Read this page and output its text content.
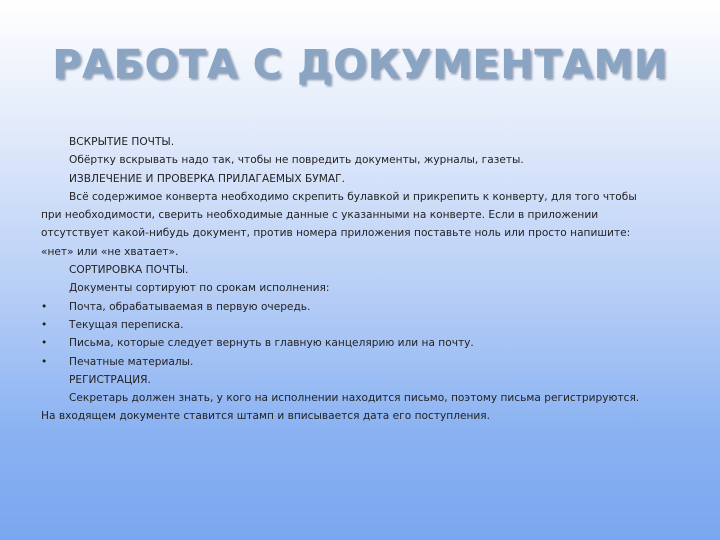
РАБОТА С ДОКУМЕНТАМИ
ВСКРЫТИЕ ПОЧТЫ.
Обёртку вскрывать надо так, чтобы не повредить документы, журналы, газеты.
ИЗВЛЕЧЕНИЕ И ПРОВЕРКА ПРИЛАГАЕМЫХ БУМАГ.
Всё содержимое конверта необходимо скрепить булавкой и прикрепить к конверту, для того чтобы
при необходимости, сверить необходимые данные с указанными на конверте. Если в приложении
отсутствует какой-нибудь документ, против номера приложения поставьте ноль или просто напишите:
«нет» или «не хватает».
СОРТИРОВКА ПОЧТЫ.
Документы сортируют по срокам исполнения:
• Почта, обрабатываемая в первую очередь.
• Текущая переписка.
• Письма, которые следует вернуть в главную канцелярию или на почту.
• Печатные материалы.
РЕГИСТРАЦИЯ.
Секретарь должен знать, у кого на исполнении находится письмо, поэтому письма регистрируются.
На входящем документе ставится штамп и вписывается дата его поступления.
